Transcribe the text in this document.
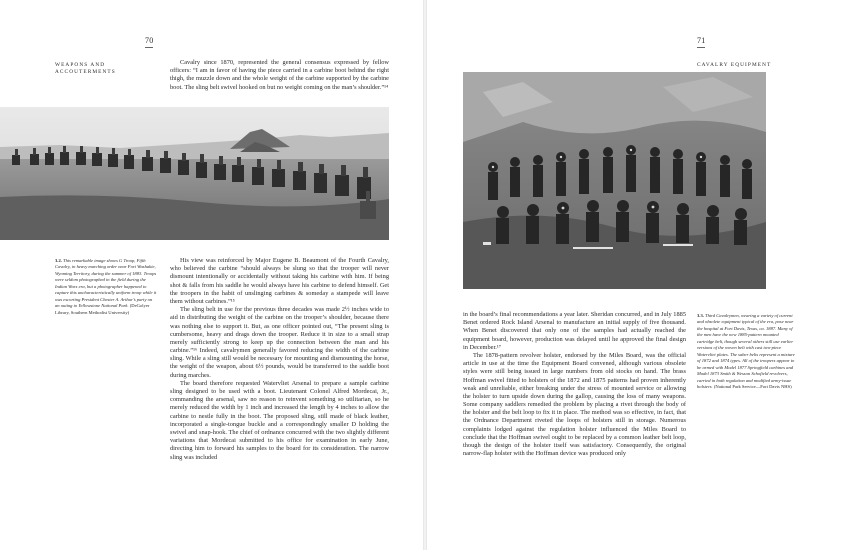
70
WEAPONS AND
ACCOUTERMENTS

Cavalry since 1870, represented the general consensus expressed by fellow officers: “I am in favor of having the piece carried in a carbine boot behind the right thigh, the muzzle down and the whole weight of the carbine supported by the carbine boot. The sling belt swivel hooked on but no weight coming on the man’s shoulder.”¹⁴

3.2. This remarkable image shows G Troop, Fifth Cavalry, in heavy marching order near Fort Washakie, Wyoming Territory, during the summer of 1883. Troops were seldom photographed in the field during the Indian Wars era, but a photographer happened to capture this uncharacteristically uniform troop while it was escorting President Chester A. Arthur’s party on an outing to Yellowstone National Park. (DeGolyer Library, Southern Methodist University)

His view was reinforced by Major Eugene B. Beaumont of the Fourth Cavalry, who believed the carbine “should always be slung so that the trooper will never dismount intentionally or accidentally without taking his carbine with him. If being shot & falls from his saddle he would always have his carbine to defend himself. Get the troopers in the habit of unslinging carbines & someday a stampede will leave them without carbines.”¹⁵

The sling belt in use for the previous three decades was made 2½ inches wide to aid in distributing the weight of the carbine on the trooper’s shoulder, because there was nothing else to support it. But, as one officer pointed out, “The present sling is cumbersome, heavy and drags down the trooper. Reduce it in size to a small strap merely sufficiently strong to keep up the connection between the man and his carbine.”¹⁶ Indeed, cavalrymen generally favored reducing the width of the carbine sling. While a sling still would be necessary for mounting and dismounting the horse, the weight of the weapon, about 6½ pounds, would be transferred to the saddle boot during marches.

The board therefore requested Watervliet Arsenal to prepare a sample carbine sling designed to be used with a boot. Lieutenant Colonel Alfred Mordecai, Jr., commanding the arsenal, saw no reason to reinvent something so utilitarian, so he merely reduced the width by 1 inch and increased the length by 4 inches to allow the carbine to nestle fully in the boot. The proposed sling, still made of black leather, incorporated a single-tongue buckle and a correspondingly smaller D holding the swivel and snap-hook. The chief of ordnance concurred with the two slightly different variations that Mordecai submitted to his office for examination in early June, directing him to forward his samples to the board for its consideration. The narrow sling was included

71
CAVALRY EQUIPMENT

in the board’s final recommendations a year later. Sheridan concurred, and in July 1885 Benet ordered Rock Island Arsenal to manufacture an initial supply of five thousand. When Benet discovered that only one of the samples had actually reached the equipment board, however, production was delayed until he approved the final design in December.¹⁷

The 1878-pattern revolver holster, endorsed by the Miles Board, was the official article in use at the time the Equipment Board convened, although various obsolete styles were still being issued in large numbers from old stocks on hand. The brass Hoffman swivel fitted to holsters of the 1872 and 1875 patterns had proven inherently weak and unreliable, either breaking under the stress of mounted service or allowing the holster to turn upside down during the gallop, causing the loss of many weapons. Some company saddlers remedied the problem by placing a rivet through the body of the holster and the belt loop to fix it in place. The method was so effective, in fact, that the Ordnance Department riveted the loops of holsters still in storage. Numerous complaints lodged against the regulation holster influenced the Miles Board to conclude that the Hoffman swivel ought to be replaced by a common leather belt loop, though the design of the holster itself was satisfactory. Consequently, the original narrow-flap holster with the Hoffman device was produced only

3.3. Third Cavalrymen, wearing a variety of current and obsolete equipment typical of the era, pose near the hospital at Fort Davis, Texas, ca. 1887. Many of the men have the new 1885-pattern mounted cartridge belt, though several others still use earlier versions of the woven belt with cast two-piece Watervliet plates. The saber belts represent a mixture of 1872 and 1874 types. All of the troopers appear to be armed with Model 1877 Springfield carbines and Model 1873 Smith & Wesson Schofield revolvers, carried in both regulation and modified army-issue holsters. (National Park Service—Fort Davis NHS)
